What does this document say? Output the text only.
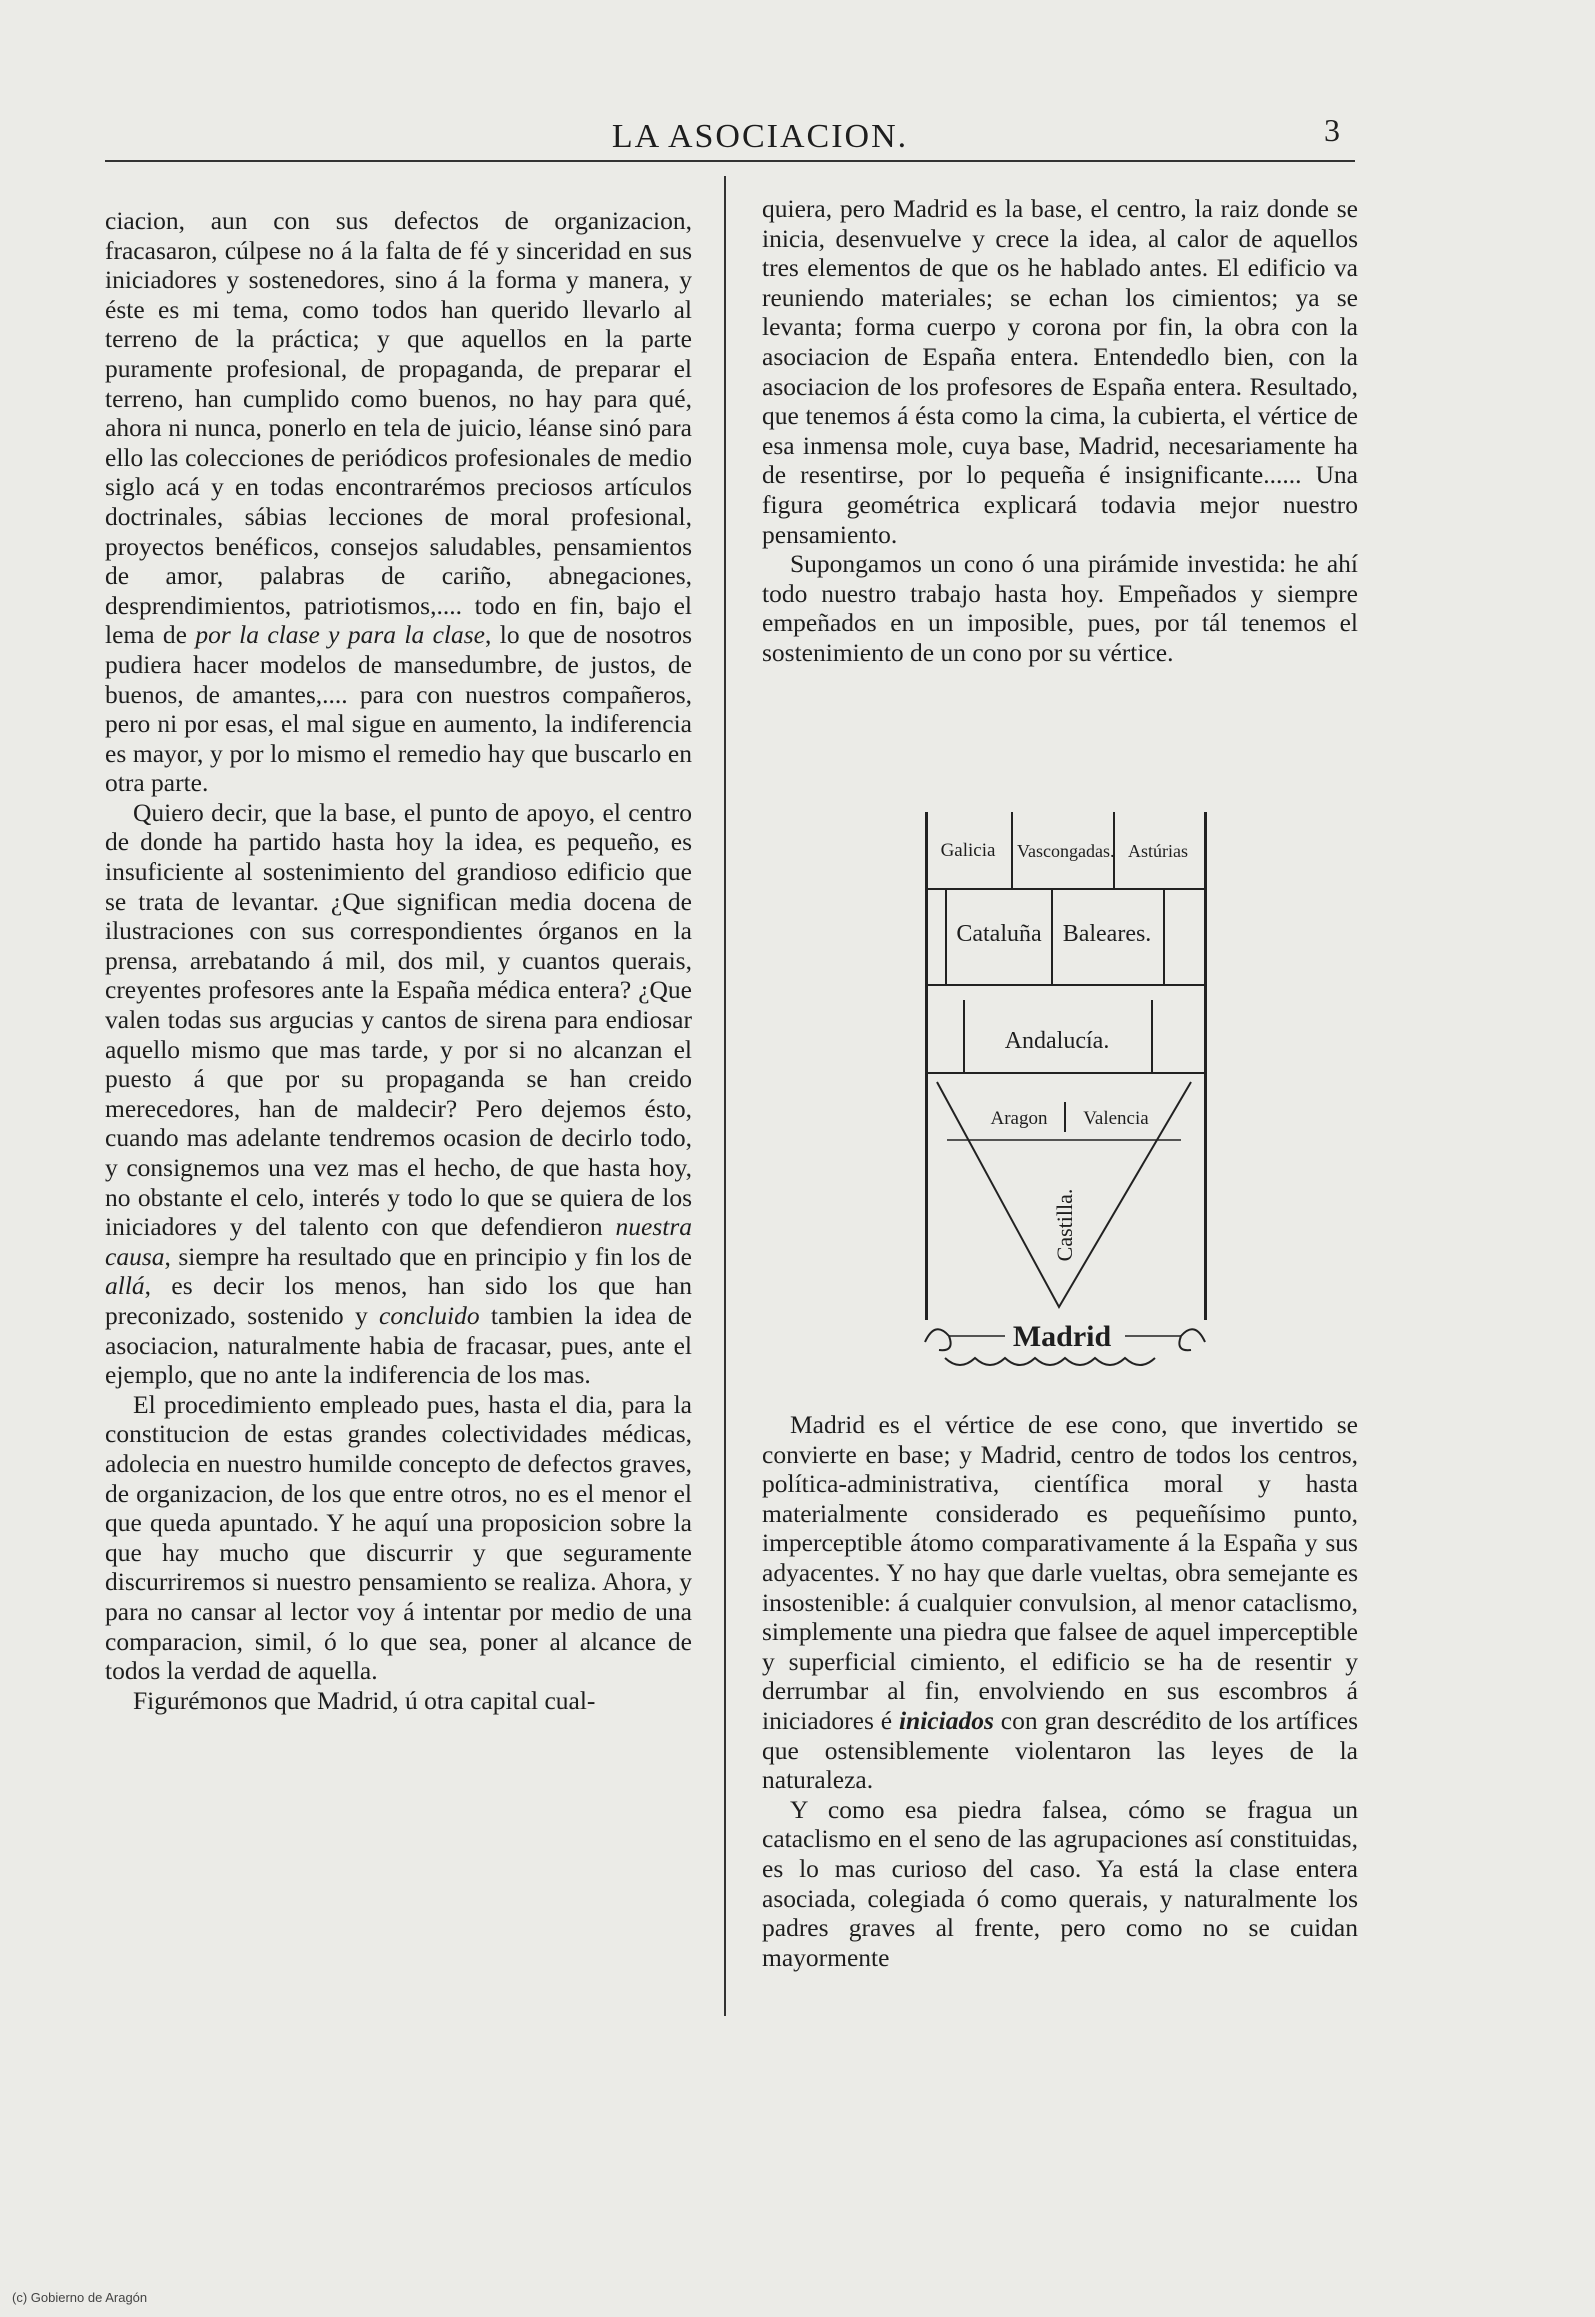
LA ASOCIACION.	3

ciacion, aun con sus defectos de organizacion, fracasaron, cúlpese no á la falta de fé y sinceridad en sus iniciadores y sostenedores, sino á la forma y manera, y éste es mi tema, como todos han querido llevarlo al terreno de la práctica; y que aquellos en la parte puramente profesional, de propaganda, de preparar el terreno, han cumplido como buenos, no hay para qué, ahora ni nunca, ponerlo en tela de juicio, léanse sinó para ello las colecciones de periódicos profesionales de medio siglo acá y en todas encontrarémos preciosos artículos doctrinales, sábias lecciones de moral profesional, proyectos benéficos, consejos saludables, pensamientos de amor, palabras de cariño, abnegaciones, desprendimientos, patriotismos,.... todo en fin, bajo el lema de por la clase y para la clase, lo que de nosotros pudiera hacer modelos de mansedumbre, de justos, de buenos, de amantes,.... para con nuestros compañeros, pero ni por esas, el mal sigue en aumento, la indiferencia es mayor, y por lo mismo el remedio hay que buscarlo en otra parte.

Quiero decir, que la base, el punto de apoyo, el centro de donde ha partido hasta hoy la idea, es pequeño, es insuficiente al sostenimiento del grandioso edificio que se trata de levantar. ¿Que significan media docena de ilustraciones con sus correspondientes órganos en la prensa, arrebatando á mil, dos mil, y cuantos querais, creyentes profesores ante la España médica entera? ¿Que valen todas sus argucias y cantos de sirena para endiosar aquello mismo que mas tarde, y por si no alcanzan el puesto á que por su propaganda se han creido merecedores, han de maldecir? Pero dejemos ésto, cuando mas adelante tendremos ocasion de decirlo todo, y consignemos una vez mas el hecho, de que hasta hoy, no obstante el celo, interés y todo lo que se quiera de los iniciadores y del talento con que defendieron nuestra causa, siempre ha resultado que en principio y fin los de allá, es decir los menos, han sido los que han preconizado, sostenido y concluido tambien la idea de asociacion, naturalmente habia de fracasar, pues, ante el ejemplo, que no ante la indiferencia de los mas.

El procedimiento empleado pues, hasta el dia, para la constitucion de estas grandes colectividades médicas, adolecia en nuestro humilde concepto de defectos graves, de organizacion, de los que entre otros, no es el menor el que queda apuntado. Y he aquí una proposicion sobre la que hay mucho que discurrir y que seguramente discurriremos si nuestro pensamiento se realiza. Ahora, y para no cansar al lector voy á intentar por medio de una comparacion, simil, ó lo que sea, poner al alcance de todos la verdad de aquella.

Figurémonos que Madrid, ú otra capital cual-

quiera, pero Madrid es la base, el centro, la raiz donde se inicia, desenvuelve y crece la idea, al calor de aquellos tres elementos de que os he hablado antes. El edificio va reuniendo materiales; se echan los cimientos; ya se levanta; forma cuerpo y corona por fin, la obra con la asociacion de España entera. Entendedlo bien, con la asociacion de los profesores de España entera. Resultado, que tenemos á ésta como la cima, la cubierta, el vértice de esa inmensa mole, cuya base, Madrid, necesariamente ha de resentirse, por lo pequeña é insignificante...... Una figura geométrica explicará todavia mejor nuestro pensamiento.

Supongamos un cono ó una pirámide investida: he ahí todo nuestro trabajo hasta hoy. Empeñados y siempre empeñados en un imposible, pues, por tál tenemos el sostenimiento de un cono por su vértice.

Galicia	Vascongadas. Astúrias
Cataluña Baleares.
Andalucía.
Aragon	Valencia
Castilla.
Madrid

Madrid es el vértice de ese cono, que invertido se convierte en base; y Madrid, centro de todos los centros, política-administrativa, científica moral y hasta materialmente considerado es pequeñísimo punto, imperceptible átomo comparativamente á la España y sus adyacentes. Y no hay que darle vueltas, obra semejante es insostenible: á cualquier convulsion, al menor cataclismo, simplemente una piedra que falsee de aquel imperceptible y superficial cimiento, el edificio se ha de resentir y derrumbar al fin, envolviendo en sus escombros á iniciadores é iniciados con gran descrédito de los artífices que ostensiblemente violentaron las leyes de la naturaleza.

Y como esa piedra falsea, cómo se fragua un cataclismo en el seno de las agrupaciones así constituidas, es lo mas curioso del caso. Ya está la clase entera asociada, colegiada ó como querais, y naturalmente los padres graves al frente, pero como no se cuidan mayormente

(c) Gobierno de Aragón
